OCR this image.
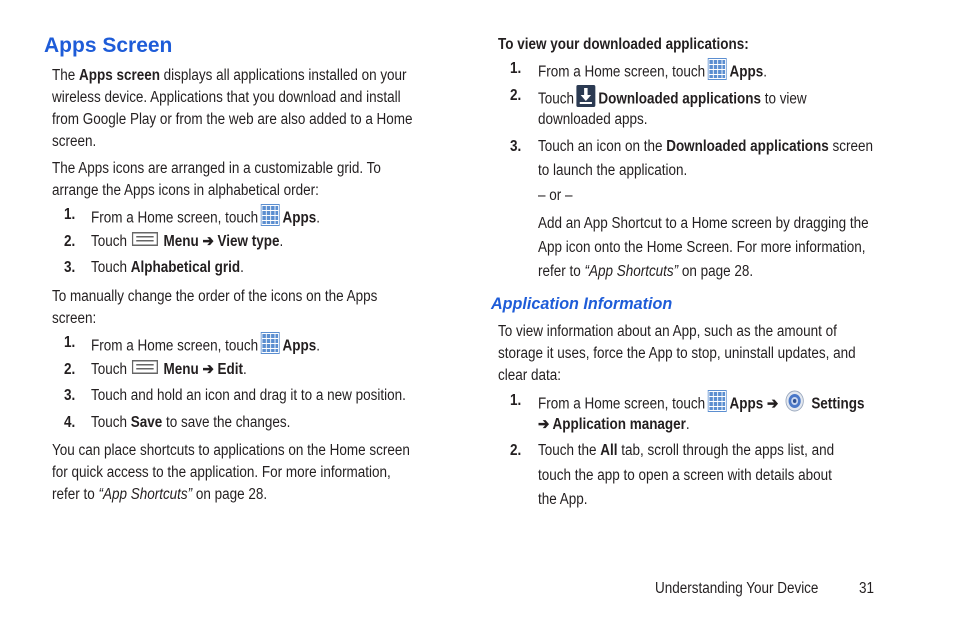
Apps Screen
The Apps screen displays all applications installed on your
wireless device. Applications that you download and install
from Google Play or from the web are also added to a Home
screen.
The Apps icons are arranged in a customizable grid. To
arrange the Apps icons in alphabetical order:
1. From a Home screen, touch Apps.
2. Touch Menu ➔ View type.
3. Touch Alphabetical grid.
To manually change the order of the icons on the Apps
screen:
1. From a Home screen, touch Apps.
2. Touch Menu ➔ Edit.
3. Touch and hold an icon and drag it to a new position.
4. Touch Save to save the changes.
You can place shortcuts to applications on the Home screen
for quick access to the application. For more information,
refer to “App Shortcuts” on page 28.
To view your downloaded applications:
1. From a Home screen, touch Apps.
2. Touch Downloaded applications to view
downloaded apps.
3. Touch an icon on the Downloaded applications screen
to launch the application.
– or –
Add an App Shortcut to a Home screen by dragging the
App icon onto the Home Screen. For more information,
refer to “App Shortcuts” on page 28.
Application Information
To view information about an App, such as the amount of
storage it uses, force the App to stop, uninstall updates, and
clear data:
1. From a Home screen, touch Apps ➔ Settings
➔ Application manager.
2. Touch the All tab, scroll through the apps list, and
touch the app to open a screen with details about
the App.
Understanding Your Device	31
